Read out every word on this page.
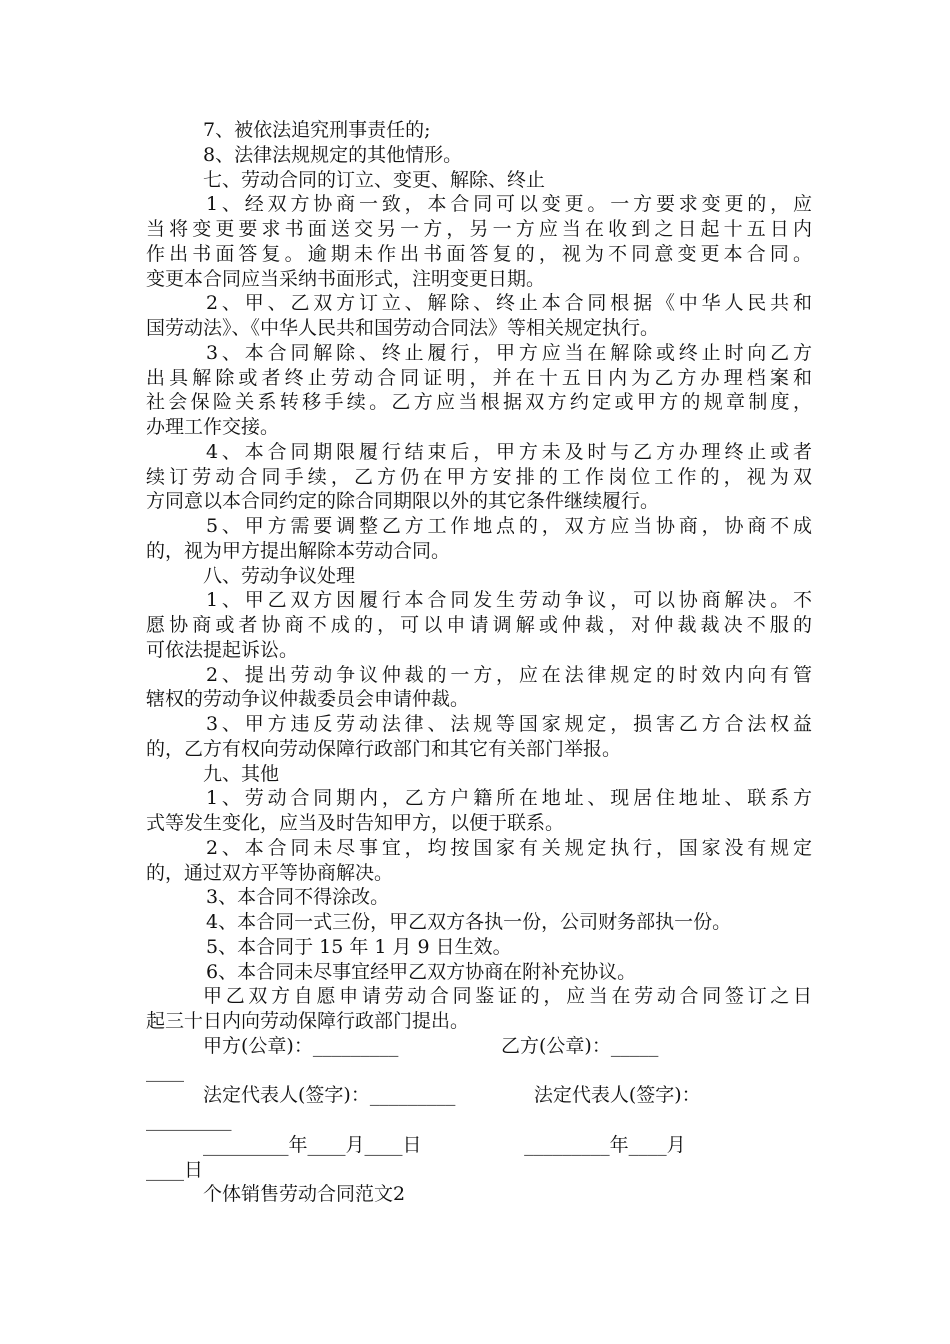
7、被依法追究刑事责任的;
8、法律法规规定的其他情形。
七、劳动合同的订立、变更、解除、终止
1、经双方协商一致，本合同可以变更。一方要求变更的，应
当将变更要求书面送交另一方，另一方应当在收到之日起十五日内
作出书面答复。逾期未作出书面答复的，视为不同意变更本合同。
变更本合同应当采纳书面形式，注明变更日期。
2、甲、乙双方订立、解除、终止本合同根据《中华人民共和
国劳动法》、《中华人民共和国劳动合同法》等相关规定执行。
3、本合同解除、终止履行，甲方应当在解除或终止时向乙方
出具解除或者终止劳动合同证明，并在十五日内为乙方办理档案和
社会保险关系转移手续。乙方应当根据双方约定或甲方的规章制度，
办理工作交接。
4、本合同期限履行结束后，甲方未及时与乙方办理终止或者
续订劳动合同手续，乙方仍在甲方安排的工作岗位工作的，视为双
方同意以本合同约定的除合同期限以外的其它条件继续履行。
5、甲方需要调整乙方工作地点的，双方应当协商，协商不成
的，视为甲方提出解除本劳动合同。
八、劳动争议处理
1、甲乙双方因履行本合同发生劳动争议，可以协商解决。不
愿协商或者协商不成的，可以申请调解或仲裁，对仲裁裁决不服的
可依法提起诉讼。
2、提出劳动争议仲裁的一方，应在法律规定的时效内向有管
辖权的劳动争议仲裁委员会申请仲裁。
3、甲方违反劳动法律、法规等国家规定，损害乙方合法权益
的，乙方有权向劳动保障行政部门和其它有关部门举报。
九、其他
1、劳动合同期内，乙方户籍所在地址、现居住地址、联系方
式等发生变化，应当及时告知甲方，以便于联系。
2、本合同未尽事宜，均按国家有关规定执行，国家没有规定
的，通过双方平等协商解决。
3、本合同不得涂改。
4、本合同一式三份，甲乙双方各执一份，公司财务部执一份。
5、本合同于 15 年 1 月 9 日生效。
6、本合同未尽事宜经甲乙双方协商在附补充协议。
甲乙双方自愿申请劳动合同鉴证的，应当在劳动合同签订之日
起三十日内向劳动保障行政部门提出。
甲方(公章)：_________                 乙方(公章)：_____
____
法定代表人(签字)：_________             法定代表人(签字)：
_________
_________年____月____日                 _________年____月
____日
个体销售劳动合同范文2
